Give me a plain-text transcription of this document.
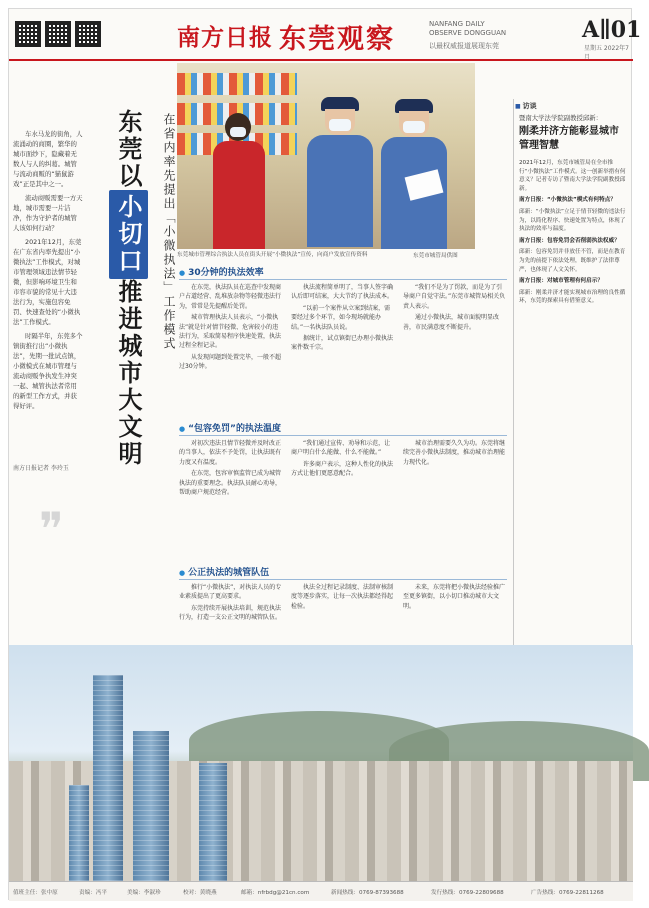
南方日报 东莞观察	NANFANG DAILY
OBSERVE DONGGUAN
以最权威报道展现东莞
A∥01
星期五 2022年7月

车水马龙的街角，人流涌动的商圈，繁华的城市面纱下，隐藏着无数人与人的纠葛。城管与流动商贩的“猫鼠游戏”正是其中之一。

流动商贩需要一方天地，城市需要一片洁净，作为守护者的城管人该如何行动？

2021年12月，东莞在广东省内率先提出“小微执法”工作模式，对城市管理领域违法情节轻微，但影响环境卫生和市容市貌的常见十大违法行为，实施包容免罚、快速查处的“小微执法”工作模式。

时隔半年，东莞多个镇街推行出“小微执法”，先期一批试点镇，小微模式在城市管理与流动商贩争执发生冲突一起、城管执法者常用的新型工作方式，并获得好评。

南方日报记者 李玲玉
❞
东莞以小切口推进城市大文明
在省内率先提出「小微执法」工作模式 东莞城市管理综合执法人员在街头开展“小微执法”宣传，向商户发放宣传资料	东莞市城管局供图
● 30分钟的执法效率

在东莞，执法队员在巡查中发现商户占道经营、乱堆放杂物等轻微违法行为，常常是先提醒后处罚。

城市管理执法人员表示，“小微执法”就是针对情节轻微、危害较小的违法行为，采取简易程序快速处置，执法过程全程记录。

从发现问题到处置完毕，一般不超过30分钟。

执法流程简单明了，当事人签字确认后即可结案，大大节约了执法成本。

“以前一个案件从立案到结案，需要经过多个环节，如今现场就能办结。”一名执法队员说。

据统计，试点镇街已办理小微执法案件数千宗。

“我们不是为了罚款，而是为了引导商户自觉守法。”东莞市城管局相关负责人表示。

通过小微执法，城市面貌明显改善，市民满意度不断提升。

● “包容免罚”的执法温度

对初次违法且情节轻微并及时改正的当事人，依法不予处罚，让执法既有力度又有温度。

在东莞，包容审慎监管已成为城管执法的重要理念。执法队员耐心劝导，帮助商户规范经营。

“我们通过宣传、劝导和示范，让商户明白什么能做、什么不能做。”

许多商户表示，这种人性化的执法方式让他们更愿意配合。

城市治理需要久久为功。东莞将继续完善小微执法制度，推动城市治理能力现代化。

● 公正执法的城管队伍

推行“小微执法”，对执法人员的专业素质提出了更高要求。

东莞持续开展执法培训，规范执法行为，打造一支公正文明的城管队伍。

执法全过程记录制度、法制审核制度等逐步落实，让每一次执法都经得起检验。

未来，东莞将把小微执法经验推广至更多镇街，以小切口推动城市大文明。

■ 访谈
暨南大学法学院副教授邱新：
刚柔并济方能彰显城市管理智慧

2021年12月，东莞市城管局在全市推行“小微执法”工作模式。这一创新举措有何意义？记者专访了暨南大学法学院副教授邱新。

南方日报：“小微执法”模式有何特点？

邱新：“小微执法”立足于情节轻微的违法行为，以简化程序、快速处置为特点，体现了执法的效率与温度。

南方日报：包容免罚会否削弱执法权威？

邱新：包容免罚并非放任不管，而是在教育为先的前提下依法处理，既维护了法律尊严，也体现了人文关怀。

南方日报：对城市管理有何启示？

邱新：刚柔并济才能实现城市治理的良性循环，东莞的探索具有借鉴意义。

值班主任：张中原	责编：冯平	美编：李淑珍	校对：黄晓燕	邮箱：nfrbdg@21cn.com	新闻热线：0769-87393688	发行热线：0769-22809688	广告热线：0769-22811268
